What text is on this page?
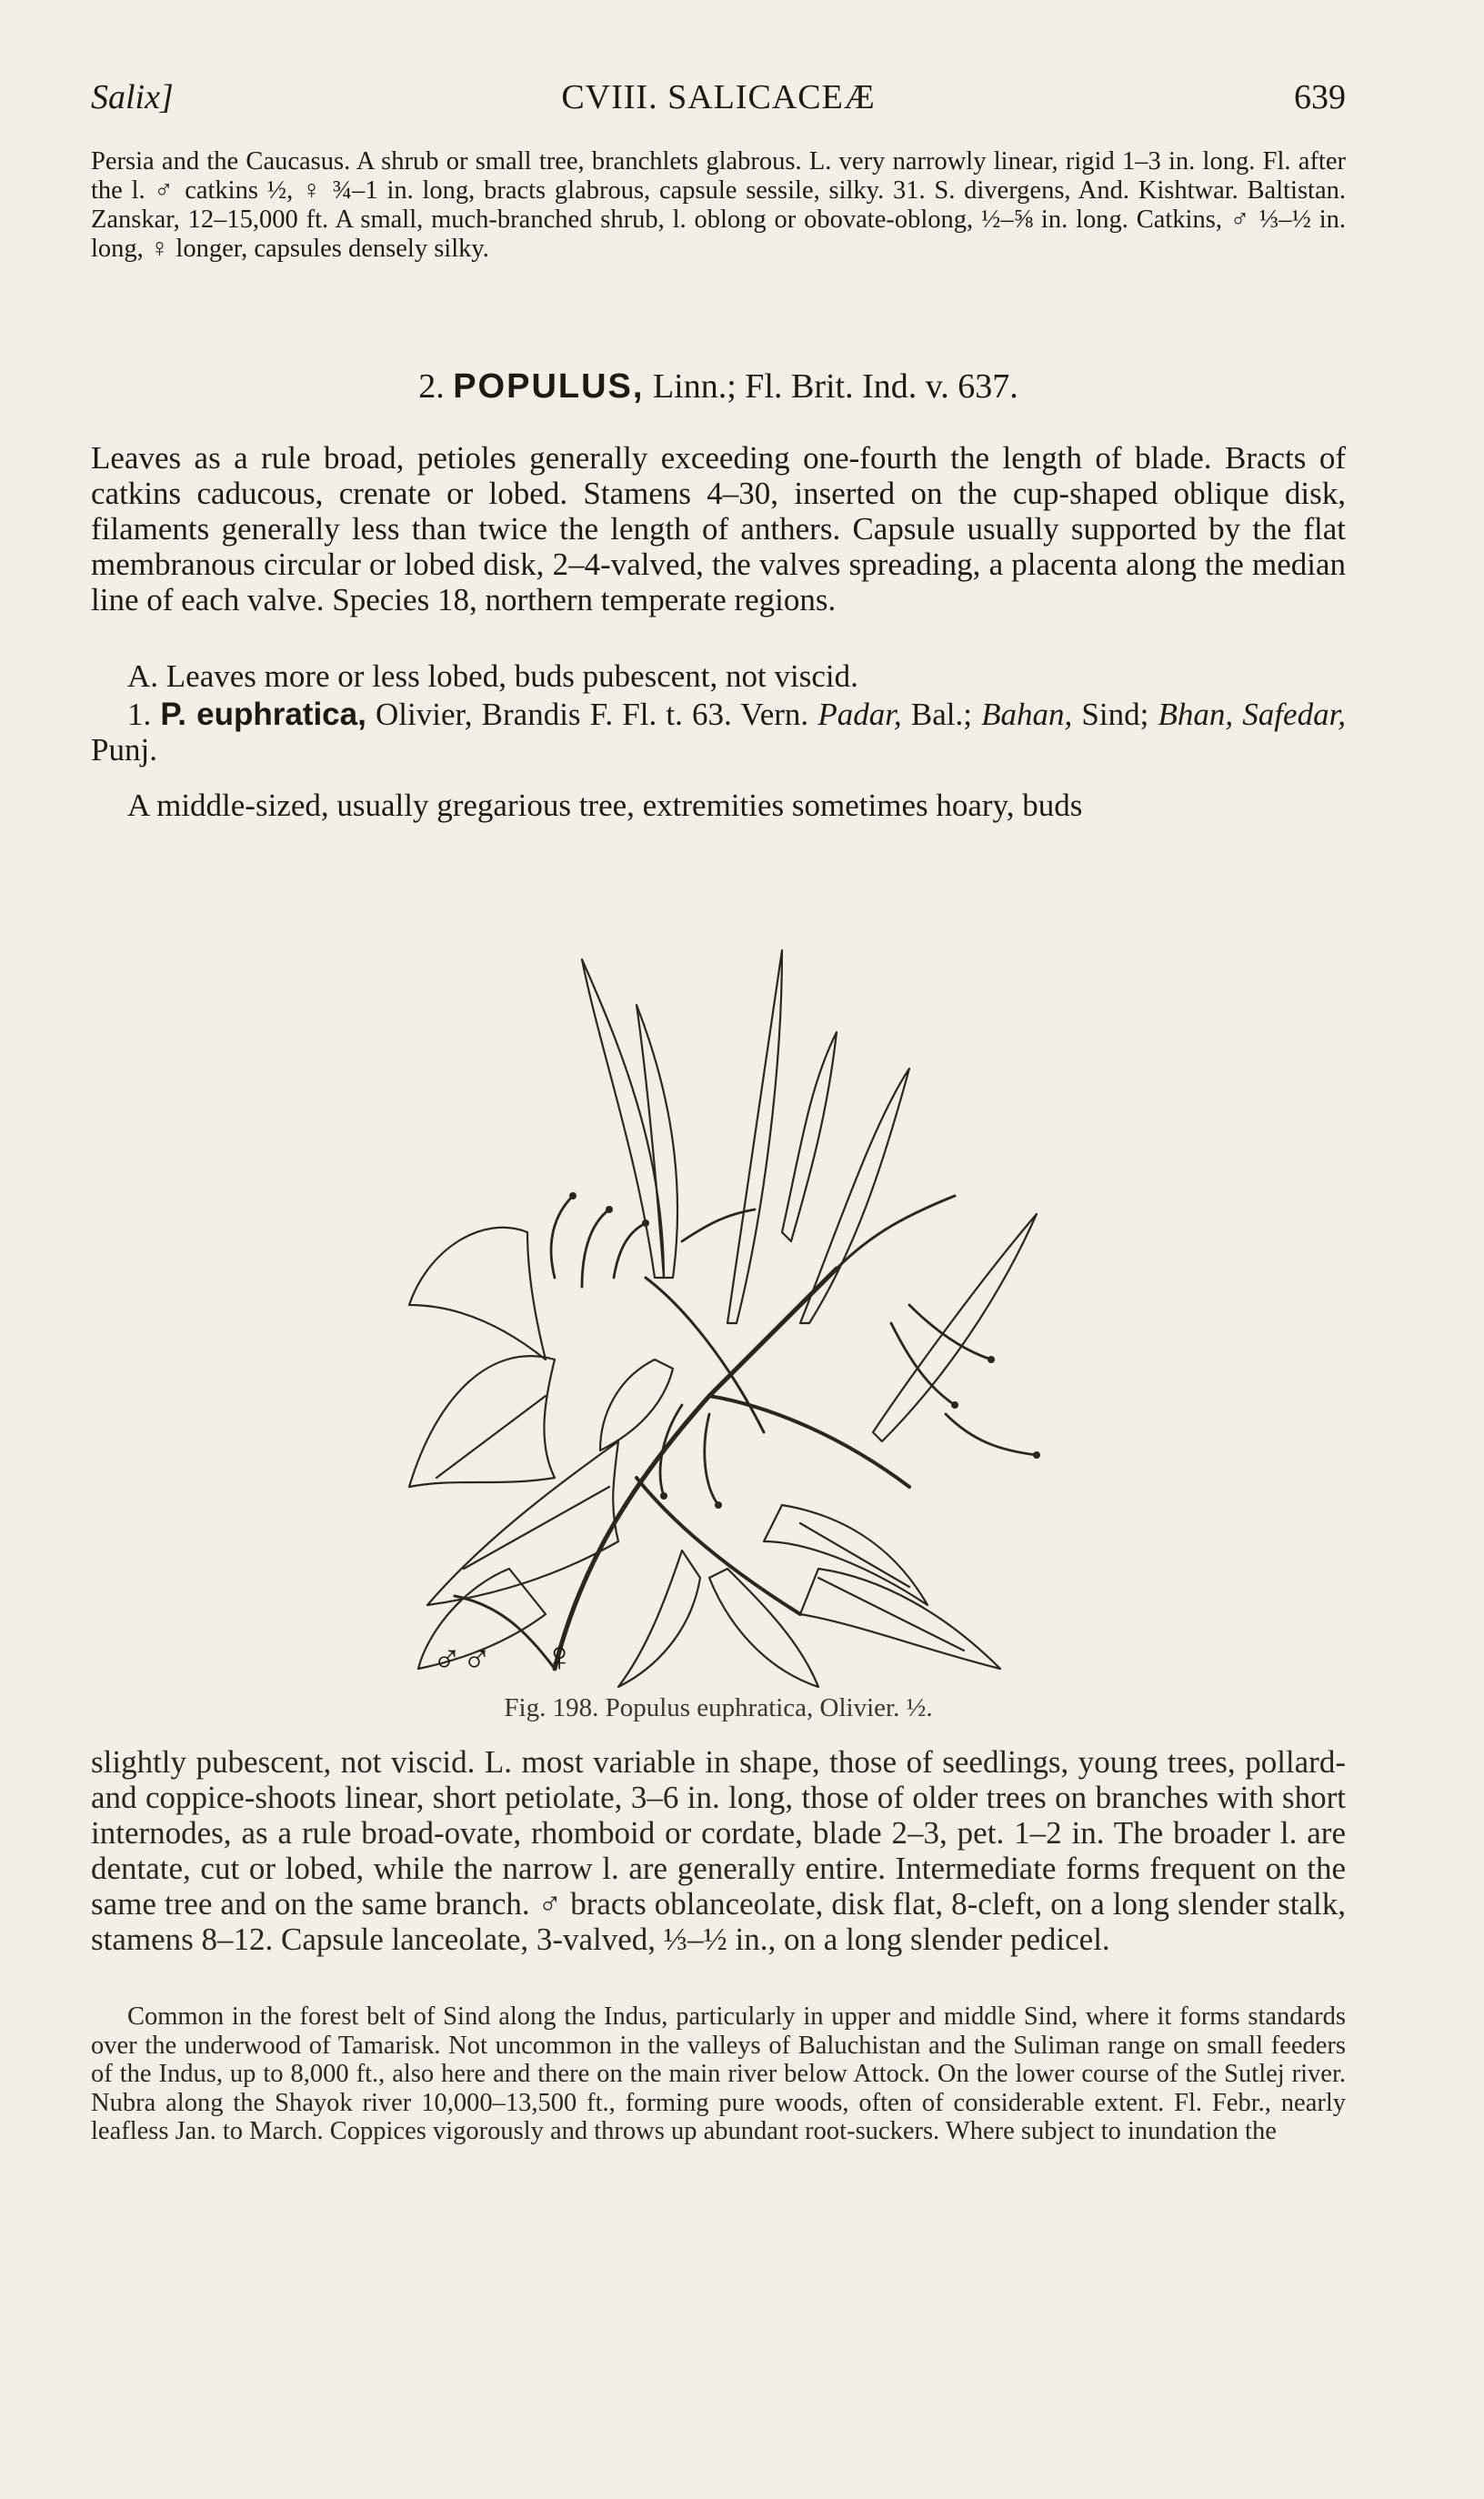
Salix]	CVIII. SALICACEÆ	639

Persia and the Caucasus. A shrub or small tree, branchlets glabrous. L. very narrowly linear, rigid 1–3 in. long. Fl. after the l. ♂ catkins ½, ♀ ¾–1 in. long, bracts glabrous, capsule sessile, silky. 31. S. divergens, And. Kishtwar. Baltistan. Zanskar, 12–15,000 ft. A small, much-branched shrub, l. oblong or obovate-oblong, ½–⅝ in. long. Catkins, ♂ ⅓–½ in. long, ♀ longer, capsules densely silky.

2. POPULUS, Linn.; Fl. Brit. Ind. v. 637.

Leaves as a rule broad, petioles generally exceeding one-fourth the length of blade. Bracts of catkins caducous, crenate or lobed. Stamens 4–30, inserted on the cup-shaped oblique disk, filaments generally less than twice the length of anthers. Capsule usually supported by the flat membranous circular or lobed disk, 2–4-valved, the valves spreading, a placenta along the median line of each valve. Species 18, northern temperate regions.

A. Leaves more or less lobed, buds pubescent, not viscid.

1. P. euphratica, Olivier, Brandis F. Fl. t. 63. Vern. Padar, Bal.; Bahan, Sind; Bhan, Safedar, Punj.

A middle-sized, usually gregarious tree, extremities sometimes hoary, buds

♂♂ ♀
Fig. 198. Populus euphratica, Olivier. ½.

slightly pubescent, not viscid. L. most variable in shape, those of seedlings, young trees, pollard- and coppice-shoots linear, short petiolate, 3–6 in. long, those of older trees on branches with short internodes, as a rule broad-ovate, rhomboid or cordate, blade 2–3, pet. 1–2 in. The broader l. are dentate, cut or lobed, while the narrow l. are generally entire. Intermediate forms frequent on the same tree and on the same branch. ♂ bracts oblanceolate, disk flat, 8-cleft, on a long slender stalk, stamens 8–12. Capsule lanceolate, 3-valved, ⅓–½ in., on a long slender pedicel.

Common in the forest belt of Sind along the Indus, particularly in upper and middle Sind, where it forms standards over the underwood of Tamarisk. Not uncommon in the valleys of Baluchistan and the Suliman range on small feeders of the Indus, up to 8,000 ft., also here and there on the main river below Attock. On the lower course of the Sutlej river. Nubra along the Shayok river 10,000–13,500 ft., forming pure woods, often of considerable extent. Fl. Febr., nearly leafless Jan. to March. Coppices vigorously and throws up abundant root-suckers. Where subject to inundation the
